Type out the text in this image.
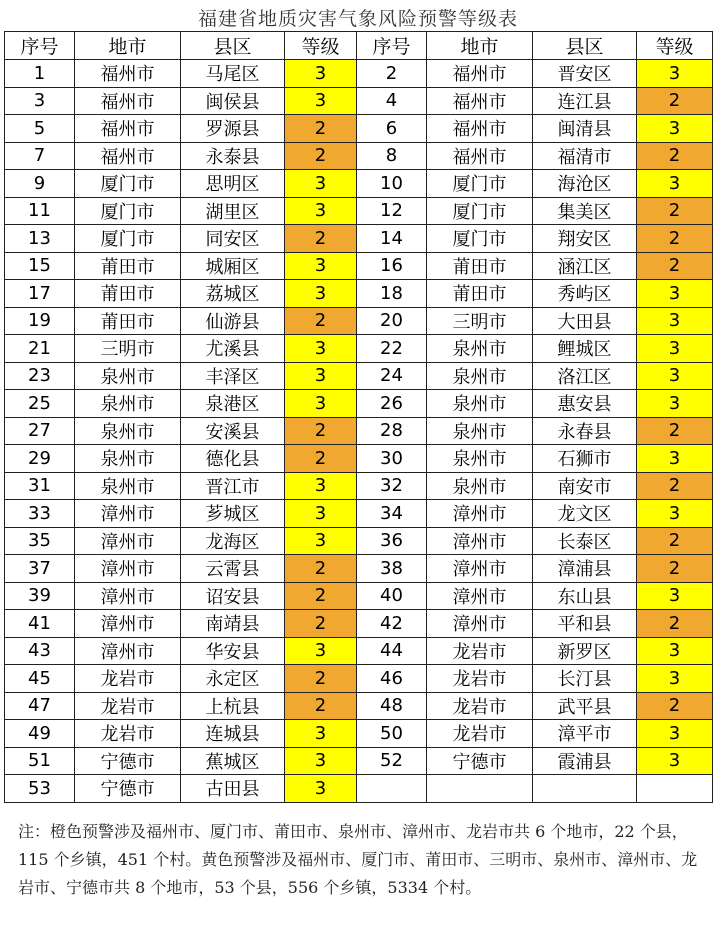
福建省地质灾害气象风险预警等级表
序号	地市	县区	等级	序号	地市	县区	等级
1	福州市	马尾区	3	2	福州市	晋安区	3
3	福州市	闽侯县	3	4	福州市	连江县	2
5	福州市	罗源县	2	6	福州市	闽清县	3
7	福州市	永泰县	2	8	福州市	福清市	2
9	厦门市	思明区	3	10	厦门市	海沧区	3
11	厦门市	湖里区	3	12	厦门市	集美区	2
13	厦门市	同安区	2	14	厦门市	翔安区	2
15	莆田市	城厢区	3	16	莆田市	涵江区	2
17	莆田市	荔城区	3	18	莆田市	秀屿区	3
19	莆田市	仙游县	2	20	三明市	大田县	3
21	三明市	尤溪县	3	22	泉州市	鲤城区	3
23	泉州市	丰泽区	3	24	泉州市	洛江区	3
25	泉州市	泉港区	3	26	泉州市	惠安县	3
27	泉州市	安溪县	2	28	泉州市	永春县	2
29	泉州市	德化县	2	30	泉州市	石狮市	3
31	泉州市	晋江市	3	32	泉州市	南安市	2
33	漳州市	芗城区	3	34	漳州市	龙文区	3
35	漳州市	龙海区	3	36	漳州市	长泰区	2
37	漳州市	云霄县	2	38	漳州市	漳浦县	2
39	漳州市	诏安县	2	40	漳州市	东山县	3
41	漳州市	南靖县	2	42	漳州市	平和县	2
43	漳州市	华安县	3	44	龙岩市	新罗区	3
45	龙岩市	永定区	2	46	龙岩市	长汀县	3
47	龙岩市	上杭县	2	48	龙岩市	武平县	2
49	龙岩市	连城县	3	50	龙岩市	漳平市	3
51	宁德市	蕉城区	3	52	宁德市	霞浦县	3
53	宁德市	古田县	3				
注：橙色预警涉及福州市、厦门市、莆田市、泉州市、漳州市、龙岩市共 6 个地市，22 个县，115 个乡镇，451 个村。黄色预警涉及福州市、厦门市、莆田市、三明市、泉州市、漳州市、龙岩市、宁德市共 8 个地市，53 个县，556 个乡镇，5334 个村。
